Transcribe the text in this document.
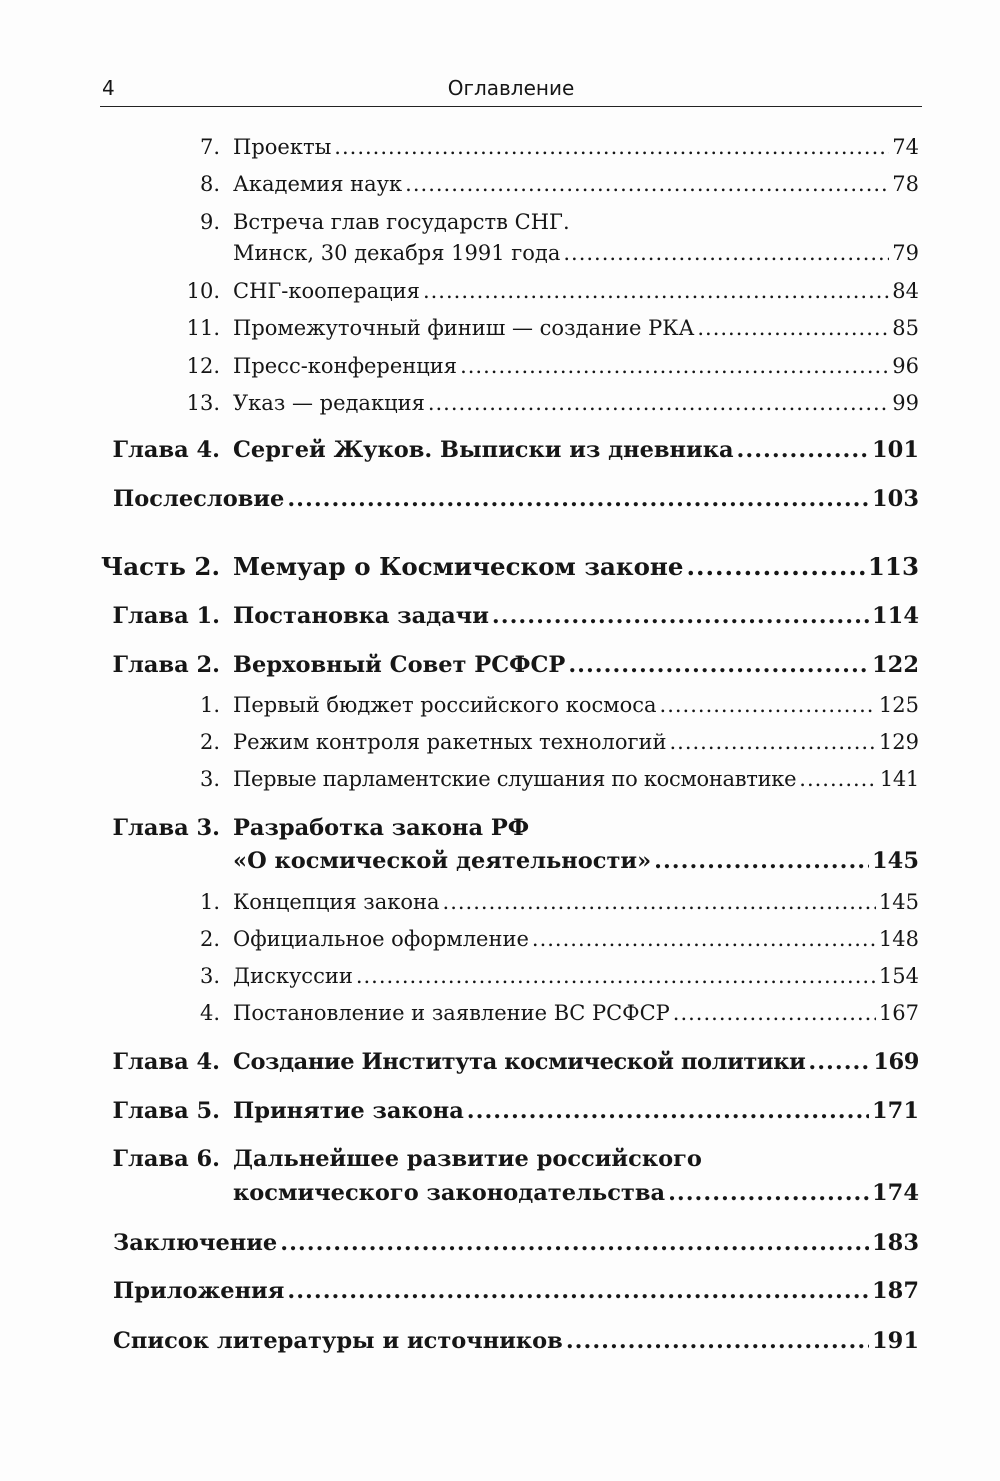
4	Оглавление
7. Проекты .....	74
8. Академия наук .....	78
9. Встреча глав государств СНГ.
Минск, 30 декабря 1991 года .....	79
10. СНГ-кооперация .....	84
11. Промежуточный финиш — создание РКА .....	85
12. Пресс-конференция .....	96
13. Указ — редакция .....	99
Глава 4. Сергей Жуков. Выписки из дневника .....	101
Послесловие .....	103
Часть 2. Мемуар о Космическом законе .....	113
Глава 1. Постановка задачи .....	114
Глава 2. Верховный Совет РСФСР .....	122
1. Первый бюджет российского космоса .....	125
2. Режим контроля ракетных технологий .....	129
3. Первые парламентские слушания по космонавтике .....	141
Глава 3. Разработка закона РФ
«О космической деятельности» .....	145
1. Концепция закона .....	145
2. Официальное оформление .....	148
3. Дискуссии .....	154
4. Постановление и заявление ВС РСФСР .....	167
Глава 4. Создание Института космической политики .....	169
Глава 5. Принятие закона .....	171
Глава 6. Дальнейшее развитие российского
космического законодательства .....	174
Заключение .....	183
Приложения .....	187
Список литературы и источников .....	191
